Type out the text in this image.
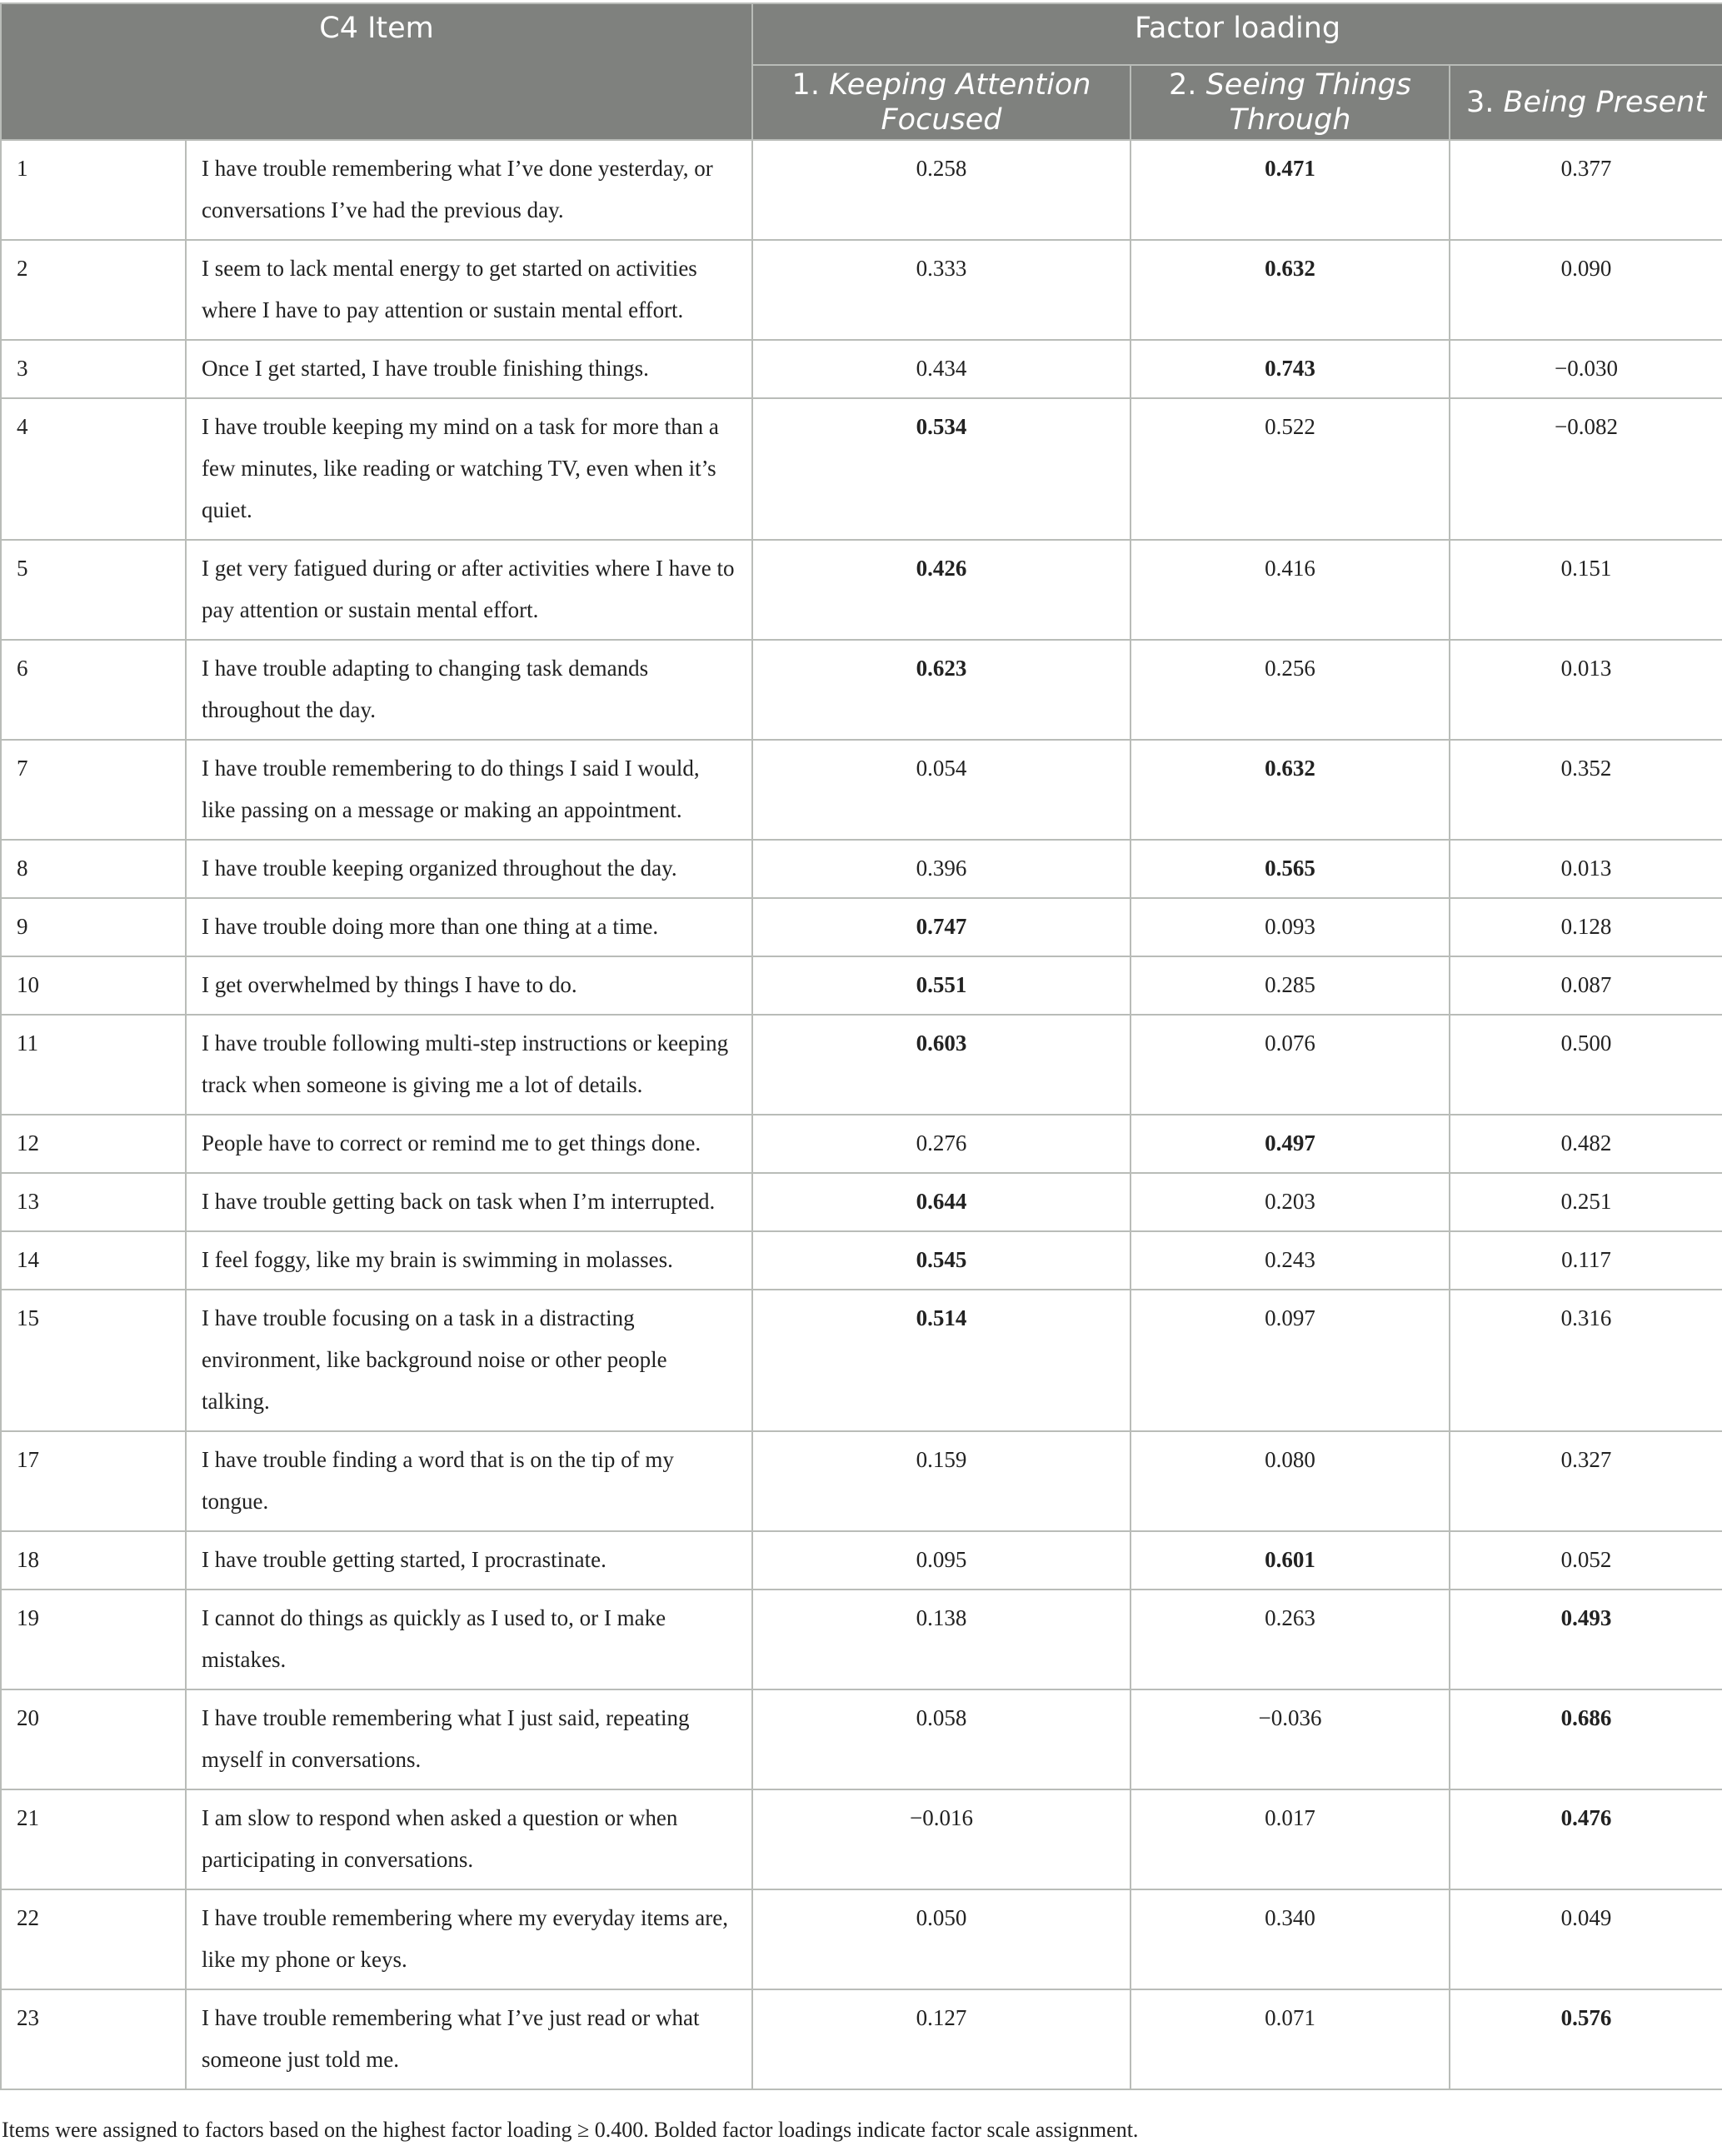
C4 Item		Factor loading		
		1. Keeping Attention Focused	2. Seeing Things Through	3. Being Present
1	I have trouble remembering what I’ve done yesterday, or conversations I’ve had the previous day.	0.258	0.471	0.377
2	I seem to lack mental energy to get started on activities where I have to pay attention or sustain mental effort.	0.333	0.632	0.090
3	Once I get started, I have trouble finishing things.	0.434	0.743	−0.030
4	I have trouble keeping my mind on a task for more than a few minutes, like reading or watching TV, even when it’s quiet.	0.534	0.522	−0.082
5	I get very fatigued during or after activities where I have to pay attention or sustain mental effort.	0.426	0.416	0.151
6	I have trouble adapting to changing task demands throughout the day.	0.623	0.256	0.013
7	I have trouble remembering to do things I said I would, like passing on a message or making an appointment.	0.054	0.632	0.352
8	I have trouble keeping organized throughout the day.	0.396	0.565	0.013
9	I have trouble doing more than one thing at a time.	0.747	0.093	0.128
10	I get overwhelmed by things I have to do.	0.551	0.285	0.087
11	I have trouble following multi-step instructions or keeping track when someone is giving me a lot of details.	0.603	0.076	0.500
12	People have to correct or remind me to get things done.	0.276	0.497	0.482
13	I have trouble getting back on task when I’m interrupted.	0.644	0.203	0.251
14	I feel foggy, like my brain is swimming in molasses.	0.545	0.243	0.117
15	I have trouble focusing on a task in a distracting environment, like background noise or other people talking.	0.514	0.097	0.316
17	I have trouble finding a word that is on the tip of my tongue.	0.159	0.080	0.327
18	I have trouble getting started, I procrastinate.	0.095	0.601	0.052
19	I cannot do things as quickly as I used to, or I make mistakes.	0.138	0.263	0.493
20	I have trouble remembering what I just said, repeating myself in conversations.	0.058	−0.036	0.686
21	I am slow to respond when asked a question or when participating in conversations.	−0.016	0.017	0.476
22	I have trouble remembering where my everyday items are, like my phone or keys.	0.050	0.340	0.049
23	I have trouble remembering what I’ve just read or what someone just told me.	0.127	0.071	0.576
Items were assigned to factors based on the highest factor loading ≥ 0.400. Bolded factor loadings indicate factor scale assignment.
